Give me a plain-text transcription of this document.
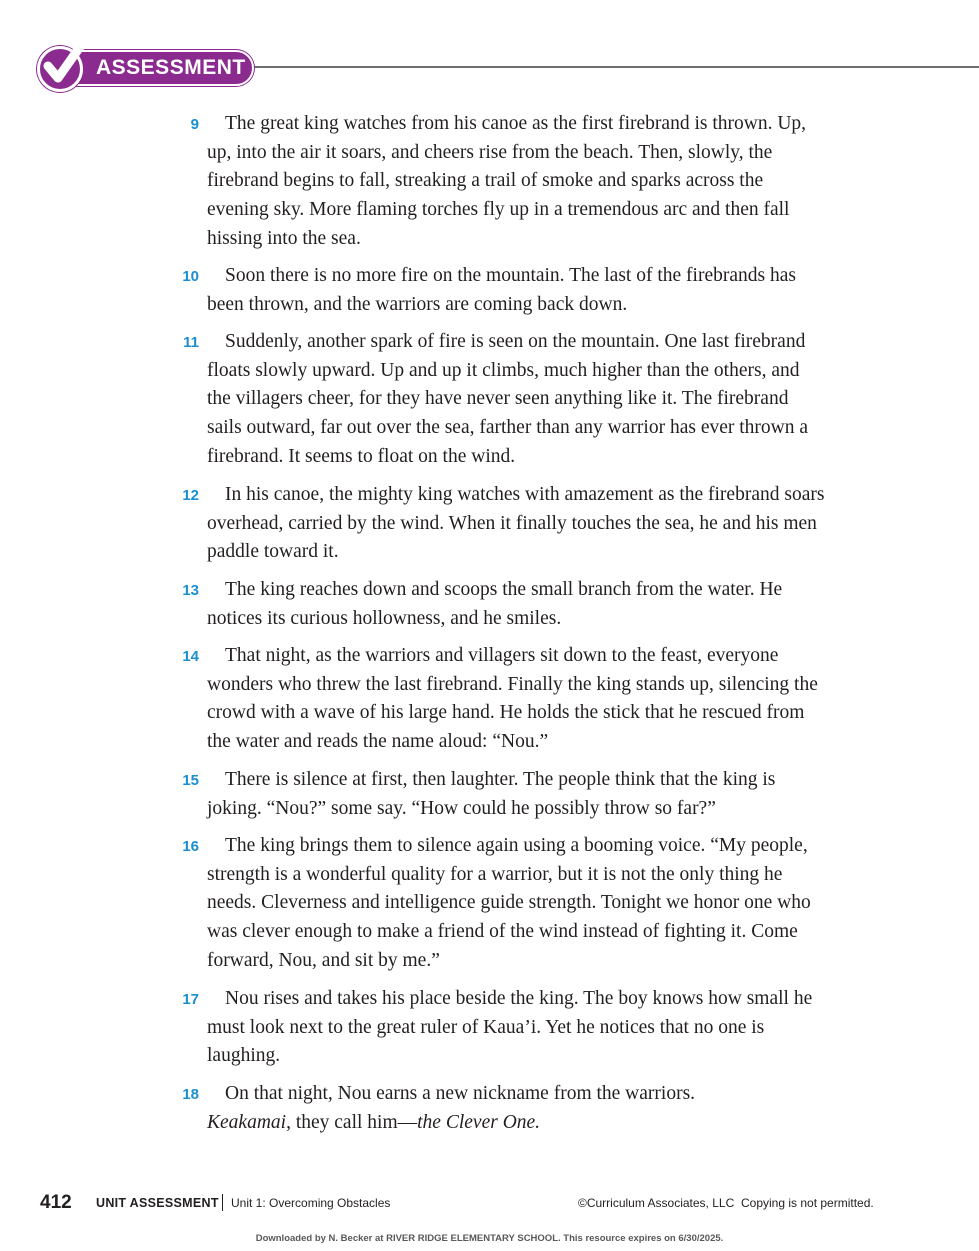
ASSESSMENT
9	The great king watches from his canoe as the first firebrand is thrown. Up, up, into the air it soars, and cheers rise from the beach. Then, slowly, the firebrand begins to fall, streaking a trail of smoke and sparks across the evening sky. More flaming torches fly up in a tremendous arc and then fall hissing into the sea.
10	Soon there is no more fire on the mountain. The last of the firebrands has been thrown, and the warriors are coming back down.
11	Suddenly, another spark of fire is seen on the mountain. One last firebrand floats slowly upward. Up and up it climbs, much higher than the others, and the villagers cheer, for they have never seen anything like it. The firebrand sails outward, far out over the sea, farther than any warrior has ever thrown a firebrand. It seems to float on the wind.
12	In his canoe, the mighty king watches with amazement as the firebrand soars overhead, carried by the wind. When it finally touches the sea, he and his men paddle toward it.
13	The king reaches down and scoops the small branch from the water. He notices its curious hollowness, and he smiles.
14	That night, as the warriors and villagers sit down to the feast, everyone wonders who threw the last firebrand. Finally the king stands up, silencing the crowd with a wave of his large hand. He holds the stick that he rescued from the water and reads the name aloud: “Nou.”
15	There is silence at first, then laughter. The people think that the king is joking. “Nou?” some say. “How could he possibly throw so far?”
16	The king brings them to silence again using a booming voice. “My people, strength is a wonderful quality for a warrior, but it is not the only thing he needs. Cleverness and intelligence guide strength. Tonight we honor one who was clever enough to make a friend of the wind instead of fighting it. Come forward, Nou, and sit by me.”
17	Nou rises and takes his place beside the king. The boy knows how small he must look next to the great ruler of Kaua’i. Yet he notices that no one is laughing.
18	On that night, Nou earns a new nickname from the warriors.
Keakamai, they call him—the Clever One.
412 UNIT ASSESSMENT Unit 1: Overcoming Obstacles	©Curriculum Associates, LLC Copying is not permitted.
Downloaded by N. Becker at RIVER RIDGE ELEMENTARY SCHOOL. This resource expires on 6/30/2025.
